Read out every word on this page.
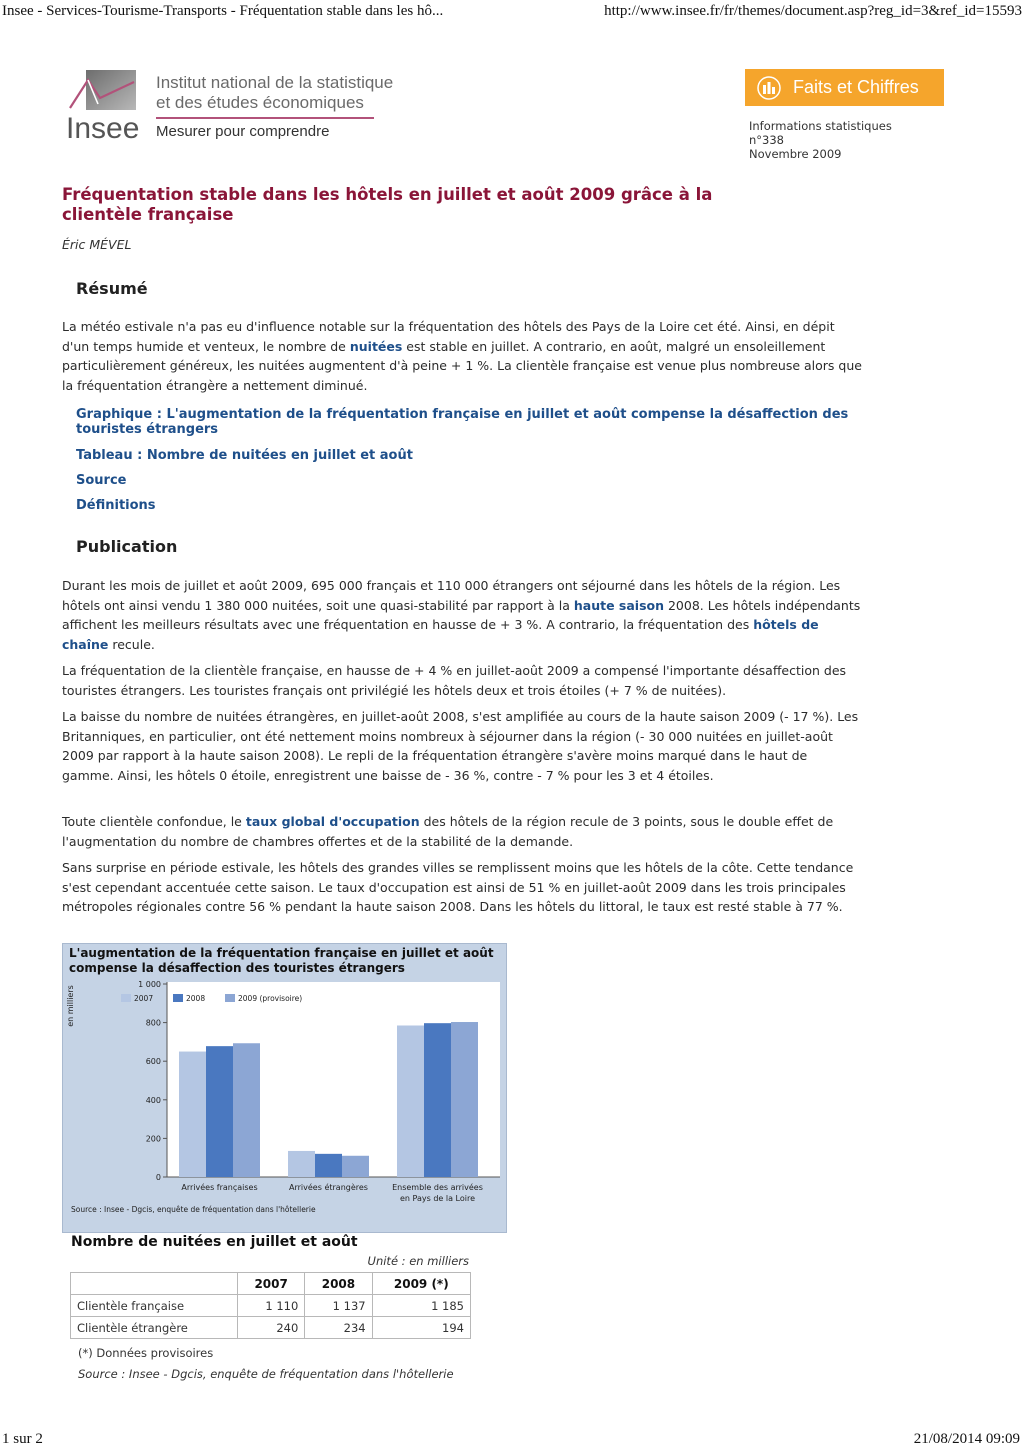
Insee - Services-Tourisme-Transports - Fréquentation stable dans les hô...	http://www.insee.fr/fr/themes/document.asp?reg_id=3&ref_id=15593
Insee
Institut national de la statistique
et des études économiques
Mesurer pour comprendre
Faits et Chiffres
Informations statistiques
n°338
Novembre 2009
Fréquentation stable dans les hôtels en juillet et août 2009 grâce à la clientèle française
Éric MÉVEL
Résumé

La météo estivale n'a pas eu d'influence notable sur la fréquentation des hôtels des Pays de la Loire cet été. Ainsi, en dépit d'un temps humide et venteux, le nombre de nuitées est stable en juillet. A contrario, en août, malgré un ensoleillement particulièrement généreux, les nuitées augmentent d'à peine + 1 %. La clientèle française est venue plus nombreuse alors que la fréquentation étrangère a nettement diminué.

Graphique : L'augmentation de la fréquentation française en juillet et août compense la désaffection des touristes étrangers
Tableau : Nombre de nuitées en juillet et août
Source
Définitions
Publication

Durant les mois de juillet et août 2009, 695 000 français et 110 000 étrangers ont séjourné dans les hôtels de la région. Les hôtels ont ainsi vendu 1 380 000 nuitées, soit une quasi-stabilité par rapport à la haute saison 2008. Les hôtels indépendants affichent les meilleurs résultats avec une fréquentation en hausse de + 3 %. A contrario, la fréquentation des hôtels de chaîne recule.

La fréquentation de la clientèle française, en hausse de + 4 % en juillet-août 2009 a compensé l'importante désaffection des touristes étrangers. Les touristes français ont privilégié les hôtels deux et trois étoiles (+ 7 % de nuitées).

La baisse du nombre de nuitées étrangères, en juillet-août 2008, s'est amplifiée au cours de la haute saison 2009 (- 17 %). Les Britanniques, en particulier, ont été nettement moins nombreux à séjourner dans la région (- 30 000 nuitées en juillet-août 2009 par rapport à la haute saison 2008). Le repli de la fréquentation étrangère s'avère moins marqué dans le haut de gamme. Ainsi, les hôtels 0 étoile, enregistrent une baisse de - 36 %, contre - 7 % pour les 3 et 4 étoiles.

Toute clientèle confondue, le taux global d'occupation des hôtels de la région recule de 3 points, sous le double effet de l'augmentation du nombre de chambres offertes et de la stabilité de la demande.

Sans surprise en période estivale, les hôtels des grandes villes se remplissent moins que les hôtels de la côte. Cette tendance s'est cependant accentuée cette saison. Le taux d'occupation est ainsi de 51 % en juillet-août 2009 dans les trois principales métropoles régionales contre 56 % pendant la haute saison 2008. Dans les hôtels du littoral, le taux est resté stable à 77 %.

L'augmentation de la fréquentation française en juillet et août compense la désaffection des touristes étrangers
0
200
400
600
800
1 000
en milliers
Arrivées françaises	Arrivées étrangères	Ensemble des arrivées
en Pays de la Loire
2007	2008	2009 (provisoire)
Source : Insee - Dgcis, enquête de fréquentation dans l'hôtellerie
Nombre de nuitées en juillet et août
Unité : en milliers
	2007	2008	2009 (*)
Clientèle française	1 110	1 137	1 185
Clientèle étrangère	240	234	194
(*) Données provisoires
Source : Insee - Dgcis, enquête de fréquentation dans l'hôtellerie
1 sur 2	21/08/2014 09:09
